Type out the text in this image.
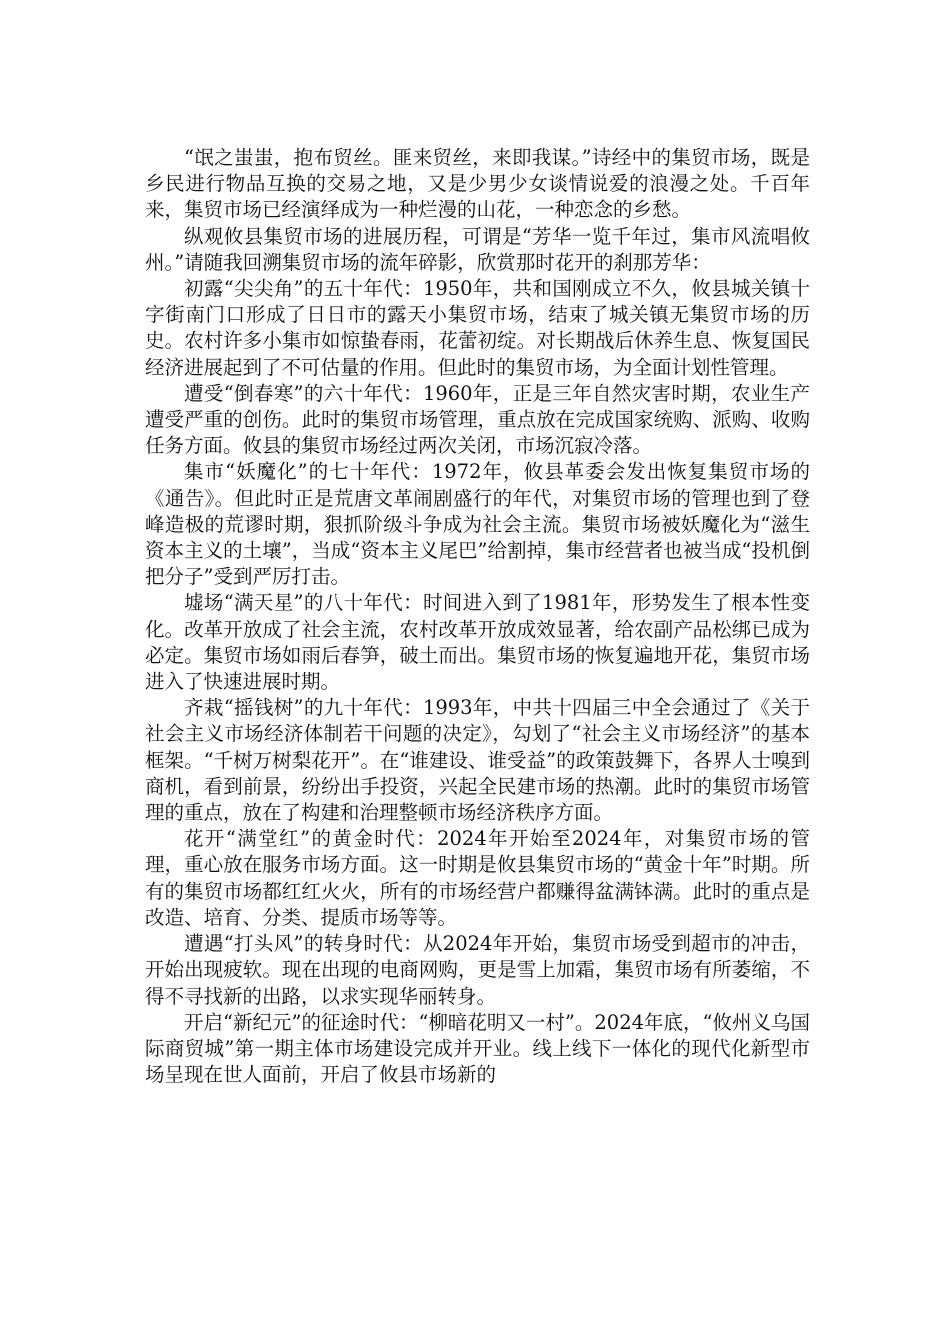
“氓之蚩蚩，抱布贸丝。匪来贸丝，来即我谋。”诗经中的集贸市场，既是乡民进行物品互换的交易之地，又是少男少女谈情说爱的浪漫之处。千百年来，集贸市场已经演绎成为一种烂漫的山花，一种恋念的乡愁。

纵观攸县集贸市场的进展历程，可谓是“芳华一览千年过，集市风流唱攸州。”请随我回溯集贸市场的流年碎影，欣赏那时花开的刹那芳华：

初露“尖尖角”的五十年代：1950年，共和国刚成立不久，攸县城关镇十字街南门口形成了日日市的露天小集贸市场，结束了城关镇无集贸市场的历史。农村许多小集市如惊蛰春雨，花蕾初绽。对长期战后休养生息、恢复国民经济进展起到了不可估量的作用。但此时的集贸市场，为全面计划性管理。

遭受“倒春寒”的六十年代：1960年，正是三年自然灾害时期，农业生产遭受严重的创伤。此时的集贸市场管理，重点放在完成国家统购、派购、收购任务方面。攸县的集贸市场经过两次关闭，市场沉寂冷落。

集市“妖魔化”的七十年代：1972年，攸县革委会发出恢复集贸市场的《通告》。但此时正是荒唐文革闹剧盛行的年代，对集贸市场的管理也到了登峰造极的荒谬时期，狠抓阶级斗争成为社会主流。集贸市场被妖魔化为“滋生资本主义的土壤”，当成“资本主义尾巴”给割掉，集市经营者也被当成“投机倒把分子”受到严厉打击。

墟场“满天星”的八十年代：时间进入到了1981年，形势发生了根本性变化。改革开放成了社会主流，农村改革开放成效显著，给农副产品松绑已成为必定。集贸市场如雨后春笋，破土而出。集贸市场的恢复遍地开花，集贸市场进入了快速进展时期。

齐栽“摇钱树”的九十年代：1993年，中共十四届三中全会通过了《关于社会主义市场经济体制若干问题的决定》，勾划了“社会主义市场经济”的基本框架。“千树万树梨花开”。在“谁建设、谁受益”的政策鼓舞下，各界人士嗅到商机，看到前景，纷纷出手投资，兴起全民建市场的热潮。此时的集贸市场管理的重点，放在了构建和治理整顿市场经济秩序方面。

花开“满堂红”的黄金时代：2024年开始至2024年，对集贸市场的管理，重心放在服务市场方面。这一时期是攸县集贸市场的“黄金十年”时期。所有的集贸市场都红红火火，所有的市场经营户都赚得盆满钵满。此时的重点是改造、培育、分类、提质市场等等。

遭遇“打头风”的转身时代：从2024年开始，集贸市场受到超市的冲击，开始出现疲软。现在出现的电商网购，更是雪上加霜，集贸市场有所萎缩，不得不寻找新的出路，以求实现华丽转身。

开启“新纪元”的征途时代：“柳暗花明又一村”。2024年底，“攸州义乌国际商贸城”第一期主体市场建设完成并开业。线上线下一体化的现代化新型市场呈现在世人面前，开启了攸县市场新的
